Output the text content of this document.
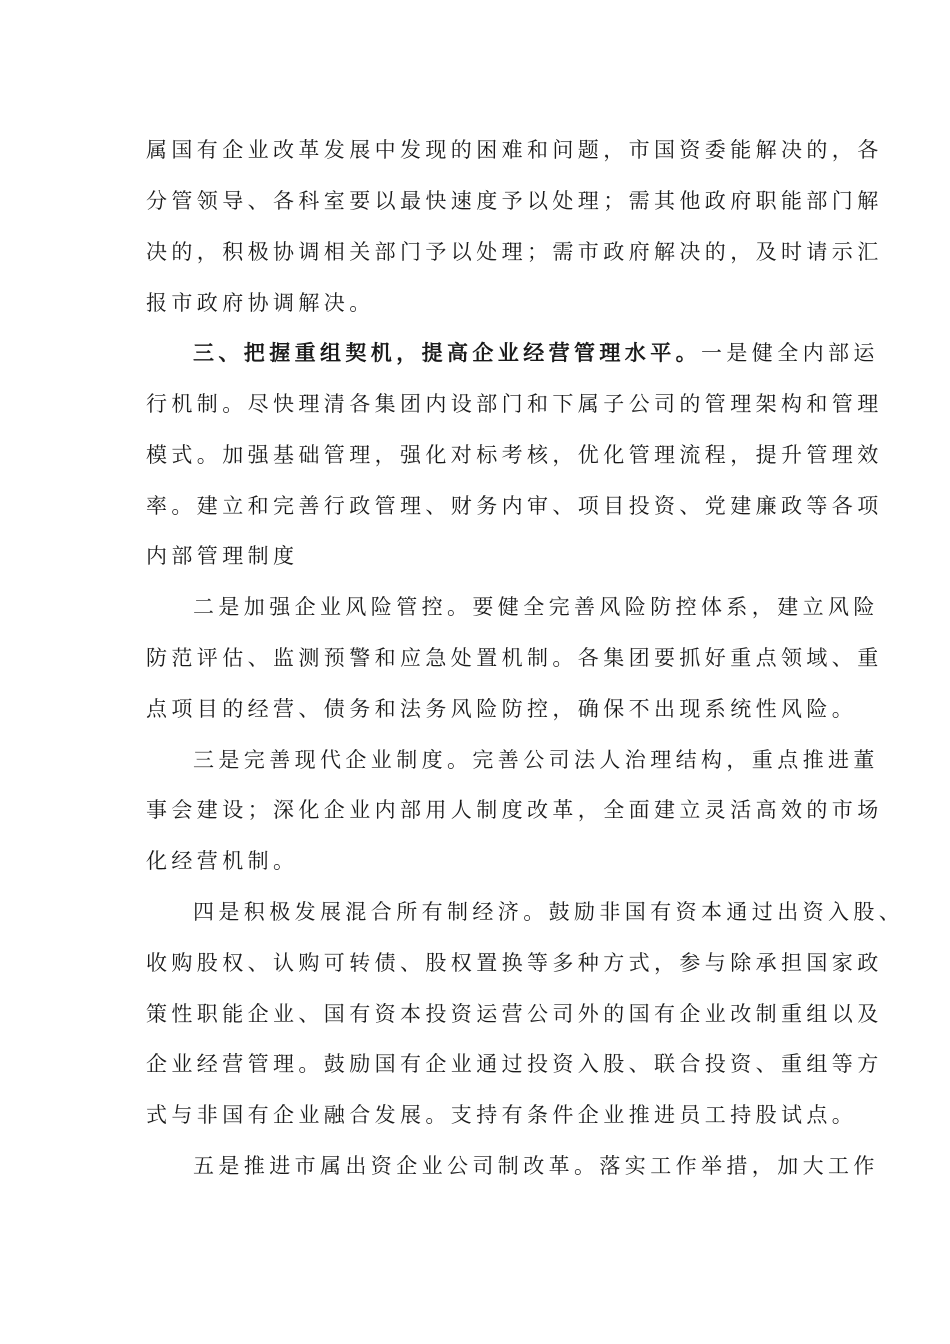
属国有企业改革发展中发现的困难和问题，市国资委能解决的，各
分管领导、各科室要以最快速度予以处理；需其他政府职能部门解
决的，积极协调相关部门予以处理；需市政府解决的，及时请示汇
报市政府协调解决。
三、把握重组契机，提高企业经营管理水平。一是健全内部运
行机制。尽快理清各集团内设部门和下属子公司的管理架构和管理
模式。加强基础管理，强化对标考核，优化管理流程，提升管理效
率。建立和完善行政管理、财务内审、项目投资、党建廉政等各项
内部管理制度
二是加强企业风险管控。要健全完善风险防控体系，建立风险
防范评估、监测预警和应急处置机制。各集团要抓好重点领域、重
点项目的经营、债务和法务风险防控，确保不出现系统性风险。
三是完善现代企业制度。完善公司法人治理结构，重点推进董
事会建设；深化企业内部用人制度改革，全面建立灵活高效的市场
化经营机制。
四是积极发展混合所有制经济。鼓励非国有资本通过出资入股、
收购股权、认购可转债、股权置换等多种方式，参与除承担国家政
策性职能企业、国有资本投资运营公司外的国有企业改制重组以及
企业经营管理。鼓励国有企业通过投资入股、联合投资、重组等方
式与非国有企业融合发展。支持有条件企业推进员工持股试点。
五是推进市属出资企业公司制改革。落实工作举措，加大工作
